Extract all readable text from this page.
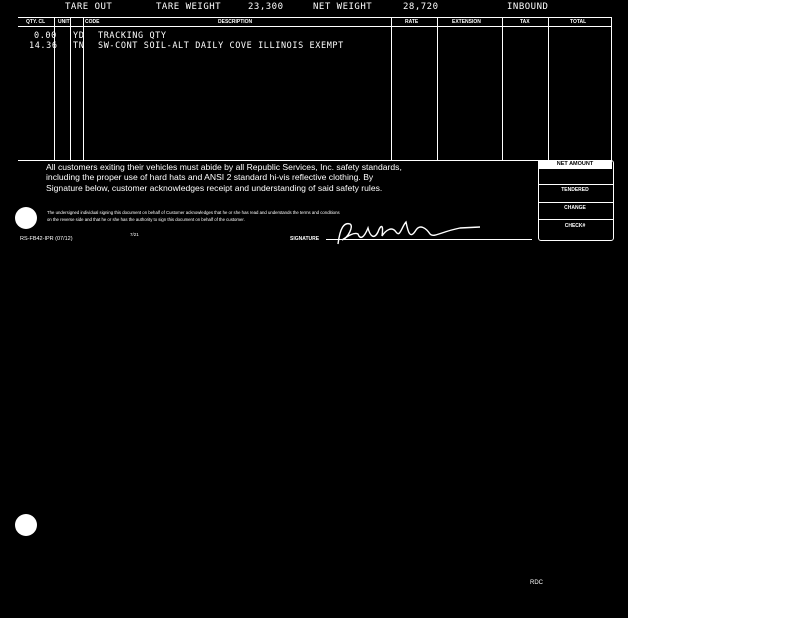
TARE OUT	TARE WEIGHT	23,300	NET WEIGHT	28,720	INBOUND
QTY. CL	UNIT	CODE	DESCRIPTION	RATE	EXTENSION	TAX	TOTAL
0.00 YD TRACKING QTY
14.36 TN SW-CONT SOIL-ALT DAILY COVE ILLINOIS EXEMPT
All customers exiting their vehicles must abide by all Republic Services, Inc. safety standards,
including the proper use of hard hats and ANSI 2 standard hi-vis reflective clothing. By
Signature below, customer acknowledges receipt and understanding of said safety rules.
The undersigned individual signing this document on behalf of Customer acknowledges that he or she has read and understands the terms and conditions
on the reverse side and that he or she has the authority to sign this document on behalf of the customer.
RS-FB42-IPR (07/12)
7/21
SIGNATURE
NET AMOUNT
TENDERED
CHANGE
CHECK#
RDC
